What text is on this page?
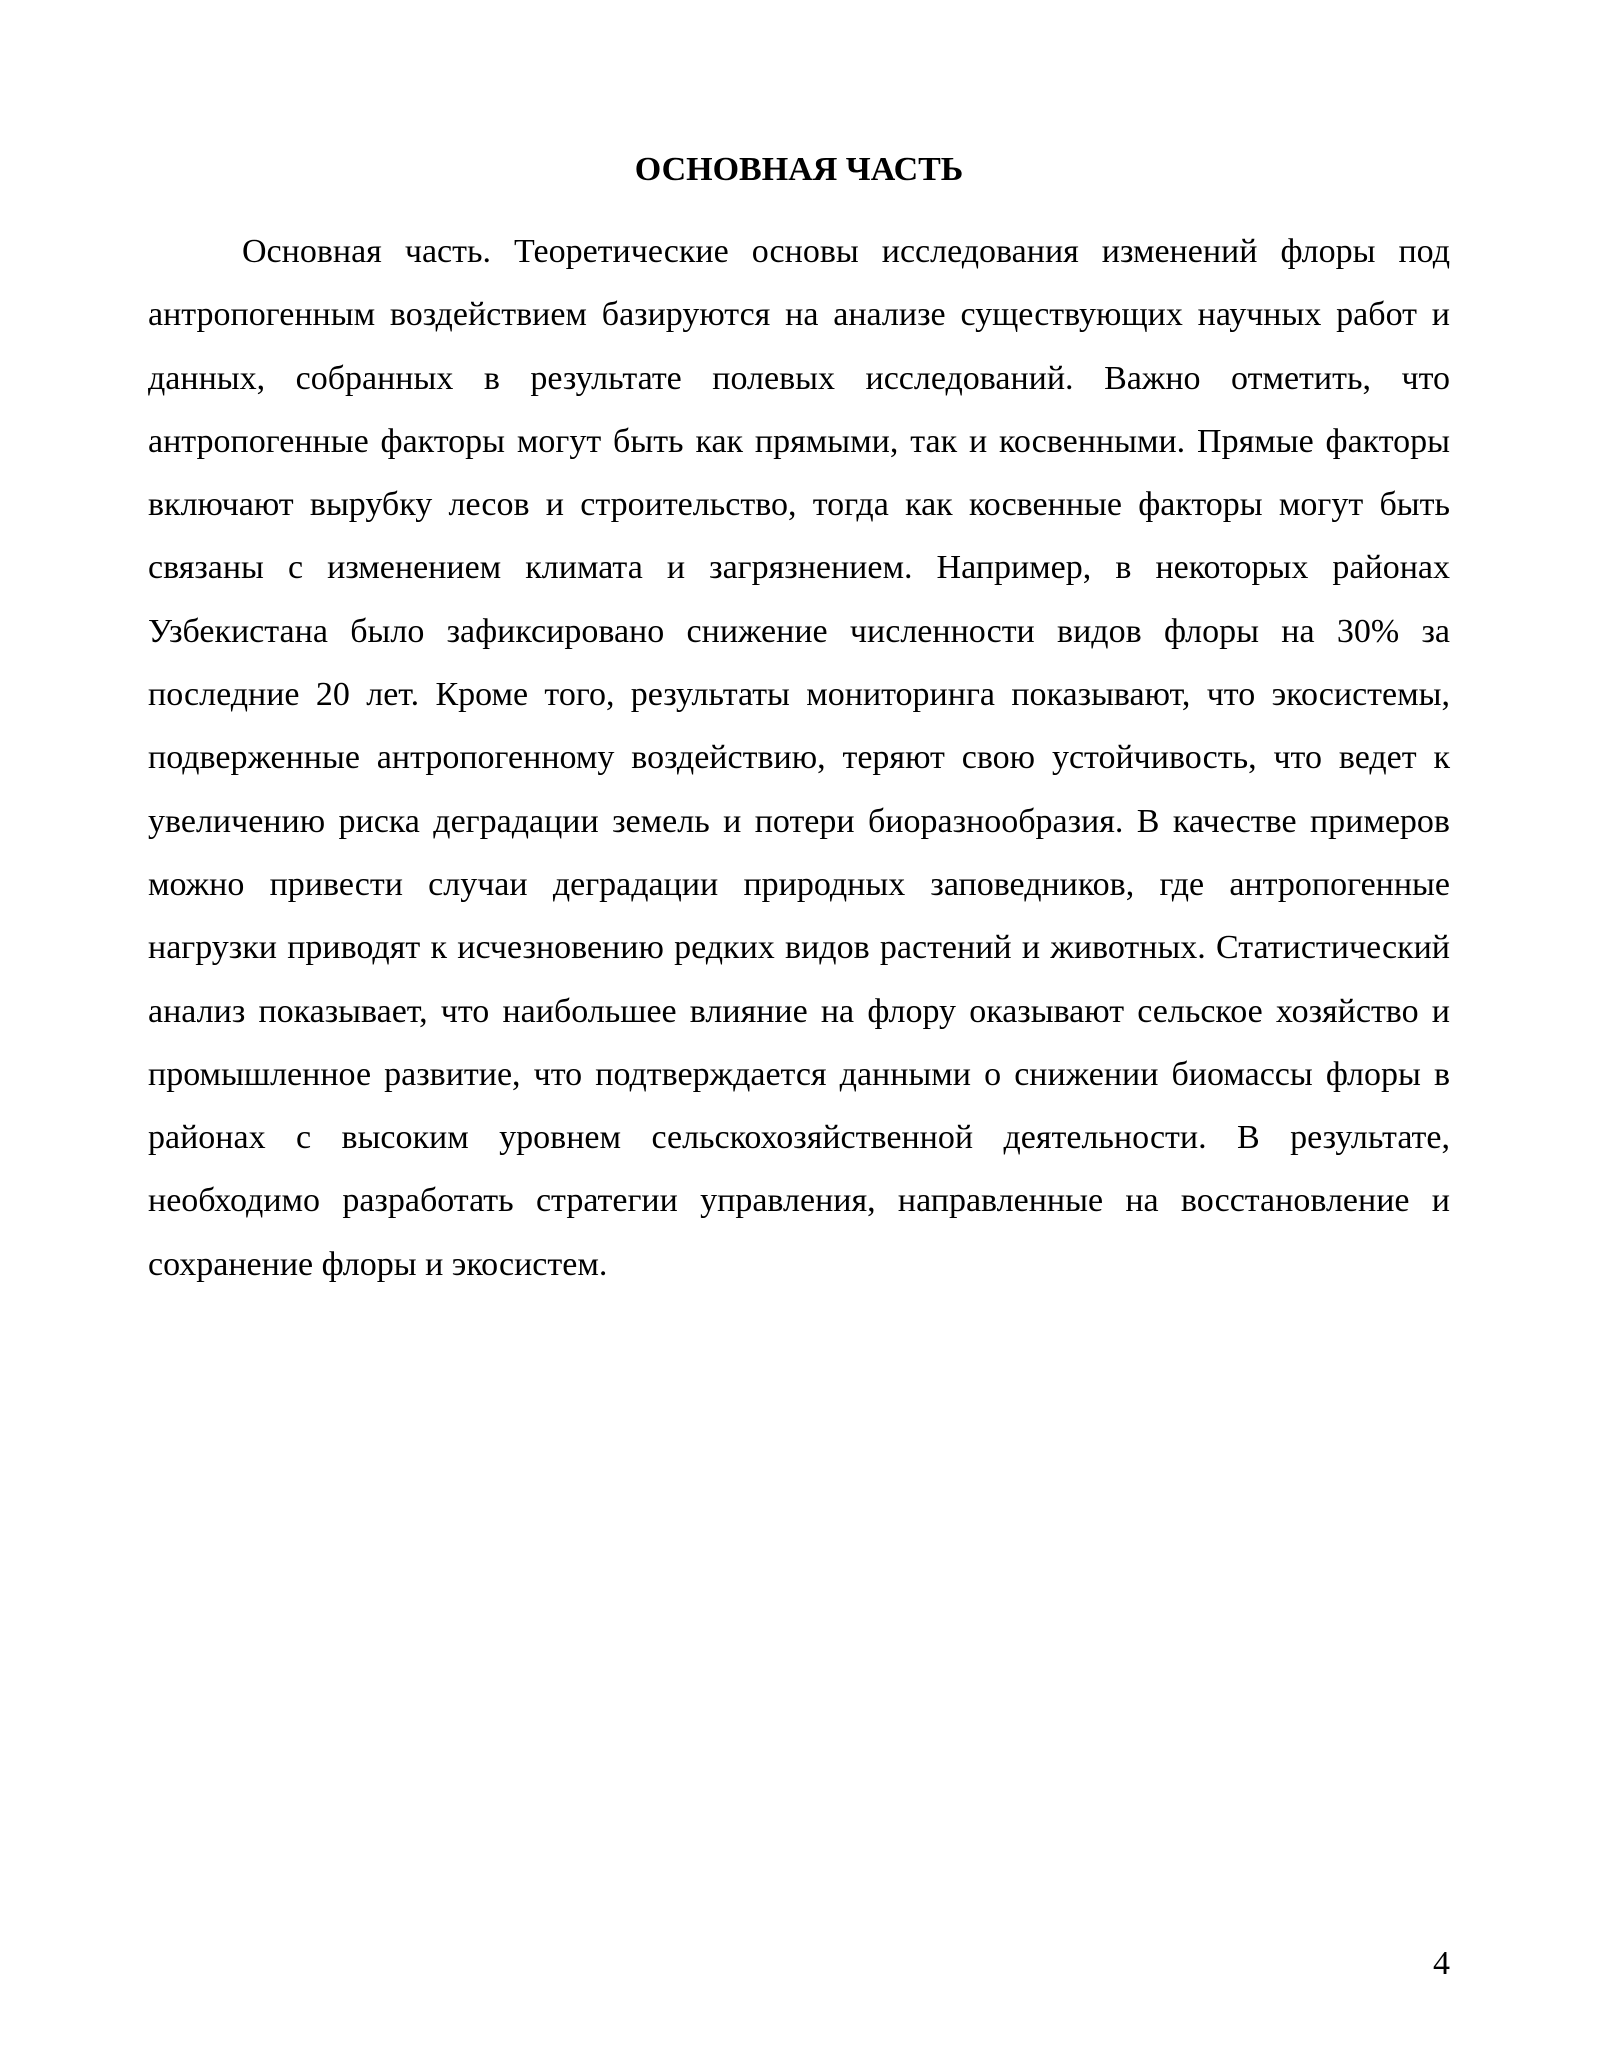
ОСНОВНАЯ ЧАСТЬ

Основная часть. Теоретические основы исследования изменений флоры под антропогенным воздействием базируются на анализе существующих научных работ и данных, собранных в результате полевых исследований. Важно отметить, что антропогенные факторы могут быть как прямыми, так и косвенными. Прямые факторы включают вырубку лесов и строительство, тогда как косвенные факторы могут быть связаны с изменением климата и загрязнением. Например, в некоторых районах Узбекистана было зафиксировано снижение численности видов флоры на 30% за последние 20 лет. Кроме того, результаты мониторинга показывают, что экосистемы, подверженные антропогенному воздействию, теряют свою устойчивость, что ведет к увеличению риска деградации земель и потери биоразнообразия. В качестве примеров можно привести случаи деградации природных заповедников, где антропогенные нагрузки приводят к исчезновению редких видов растений и животных. Статистический анализ показывает, что наибольшее влияние на флору оказывают сельское хозяйство и промышленное развитие, что подтверждается данными о снижении биомассы флоры в районах с высоким уровнем сельскохозяйственной деятельности. В результате, необходимо разработать стратегии управления, направленные на восстановление и сохранение флоры и экосистем.

4
